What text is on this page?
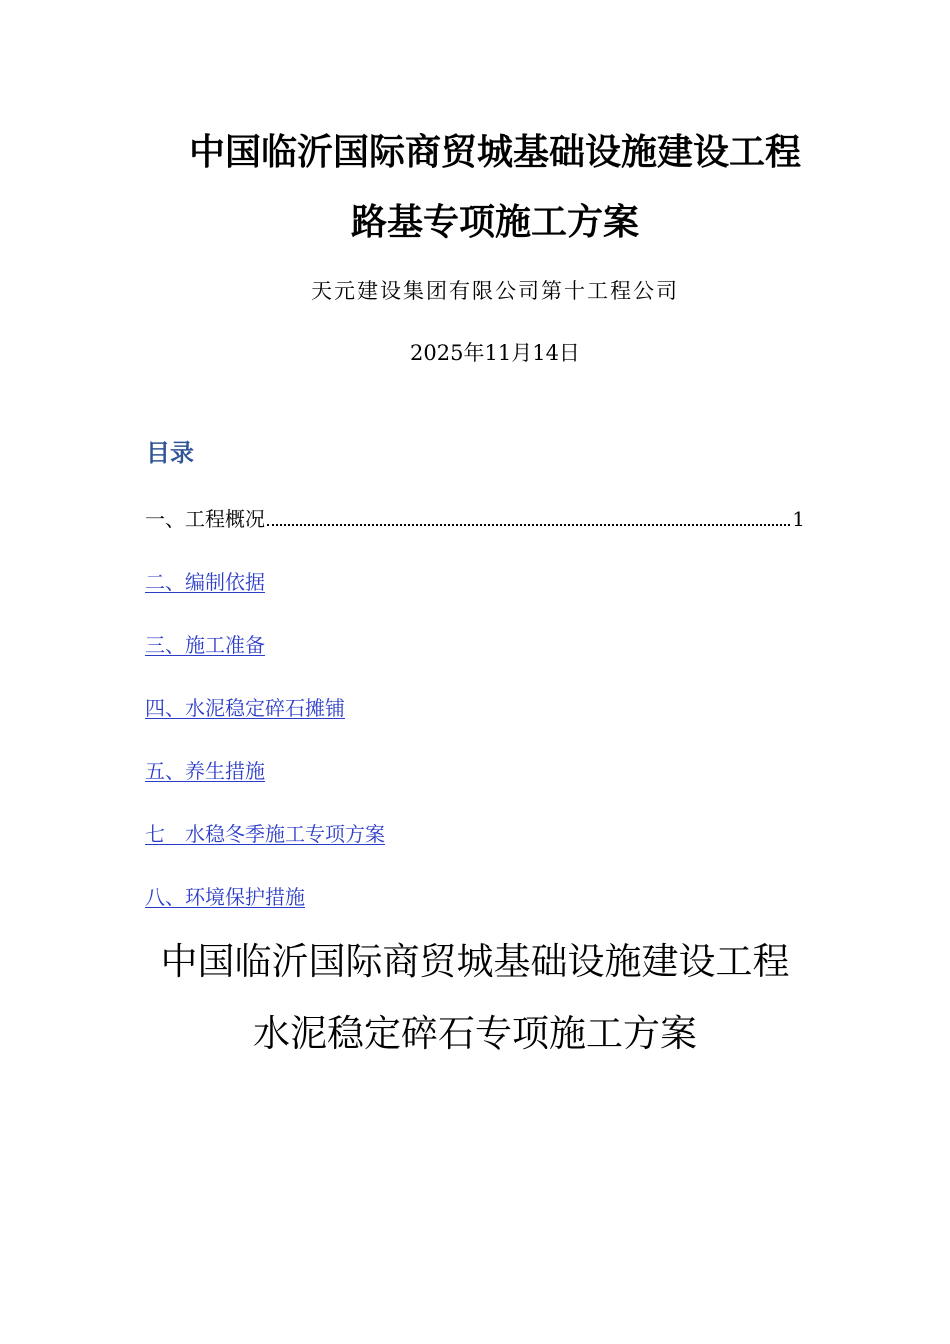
中国临沂国际商贸城基础设施建设工程
路基专项施工方案
天元建设集团有限公司第十工程公司
2025年11月14日
目录
一、工程概况	1
二、编制依据
三、施工准备
四、水泥稳定碎石摊铺
五、养生措施
七　水稳冬季施工专项方案
八、环境保护措施
中国临沂国际商贸城基础设施建设工程
水泥稳定碎石专项施工方案
